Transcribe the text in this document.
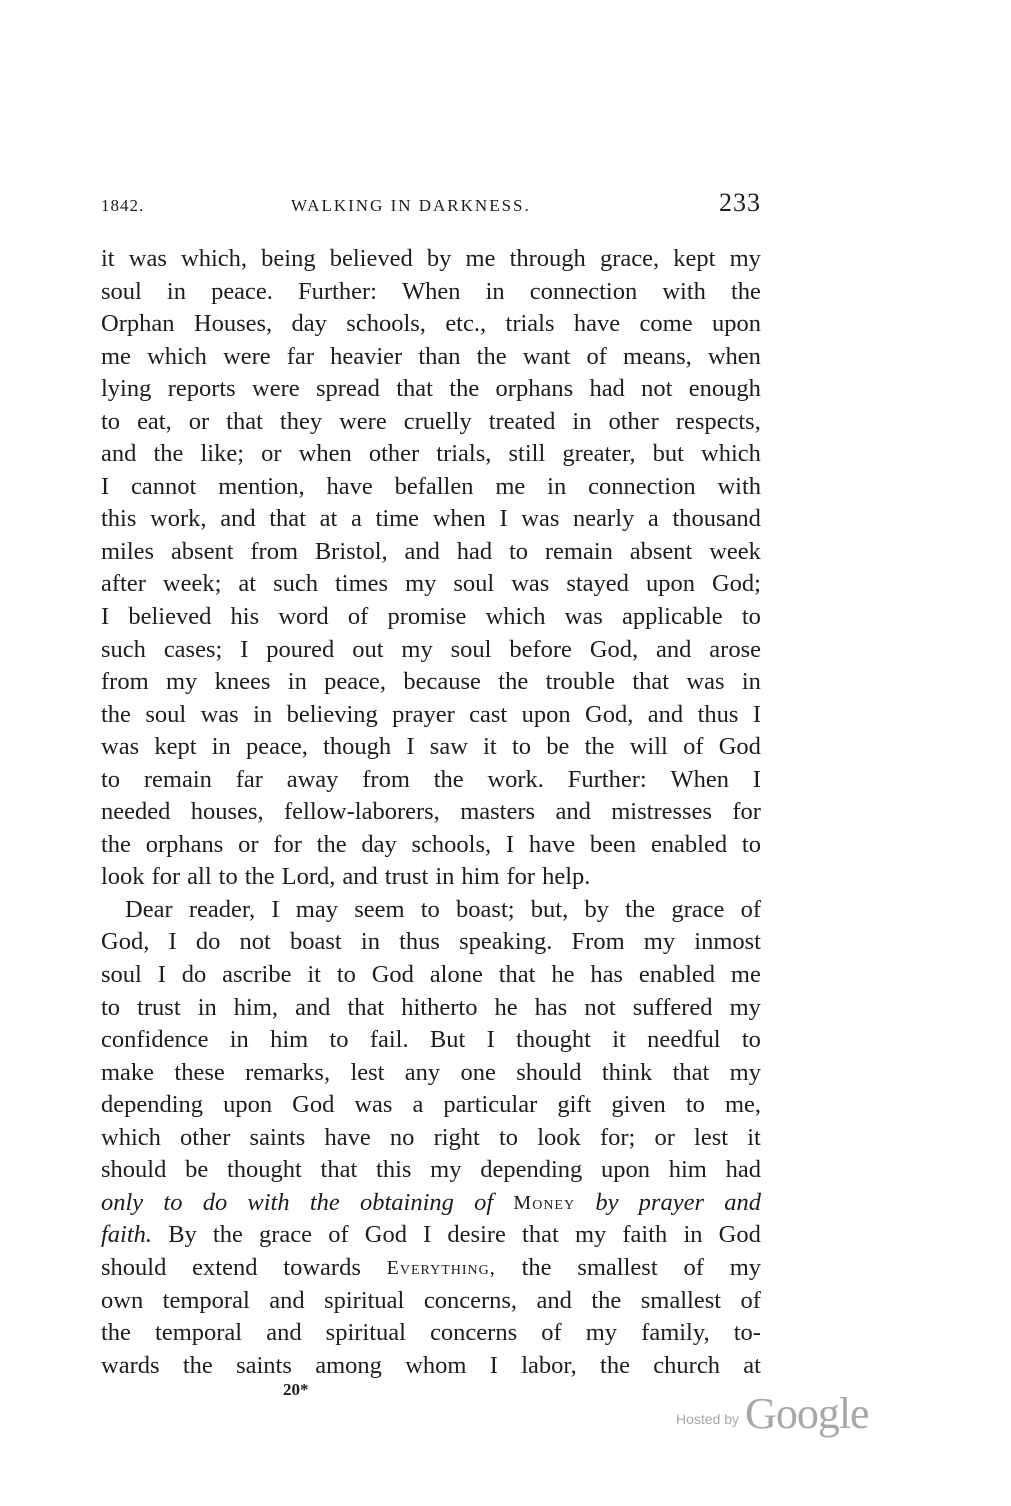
1842.	WALKING IN DARKNESS.	233
it was which, being believed by me through grace, kept my
soul in peace. Further: When in connection with the
Orphan Houses, day schools, etc., trials have come upon
me which were far heavier than the want of means, when
lying reports were spread that the orphans had not enough
to eat, or that they were cruelly treated in other respects,
and the like; or when other trials, still greater, but which
I cannot mention, have befallen me in connection with
this work, and that at a time when I was nearly a thousand
miles absent from Bristol, and had to remain absent week
after week; at such times my soul was stayed upon God;
I believed his word of promise which was applicable to
such cases; I poured out my soul before God, and arose
from my knees in peace, because the trouble that was in
the soul was in believing prayer cast upon God, and thus I
was kept in peace, though I saw it to be the will of God
to remain far away from the work. Further: When I
needed houses, fellow-laborers, masters and mistresses for
the orphans or for the day schools, I have been enabled to
look for all to the Lord, and trust in him for help.
Dear reader, I may seem to boast; but, by the grace of
God, I do not boast in thus speaking. From my inmost
soul I do ascribe it to God alone that he has enabled me
to trust in him, and that hitherto he has not suffered my
confidence in him to fail. But I thought it needful to
make these remarks, lest any one should think that my
depending upon God was a particular gift given to me,
which other saints have no right to look for; or lest it
should be thought that this my depending upon him had
only to do with the obtaining of Money by prayer and
faith. By the grace of God I desire that my faith in God
should extend towards Everything, the smallest of my
own temporal and spiritual concerns, and the smallest of
the temporal and spiritual concerns of my family, to-
wards the saints among whom I labor, the church at
20*
Hosted by Google
